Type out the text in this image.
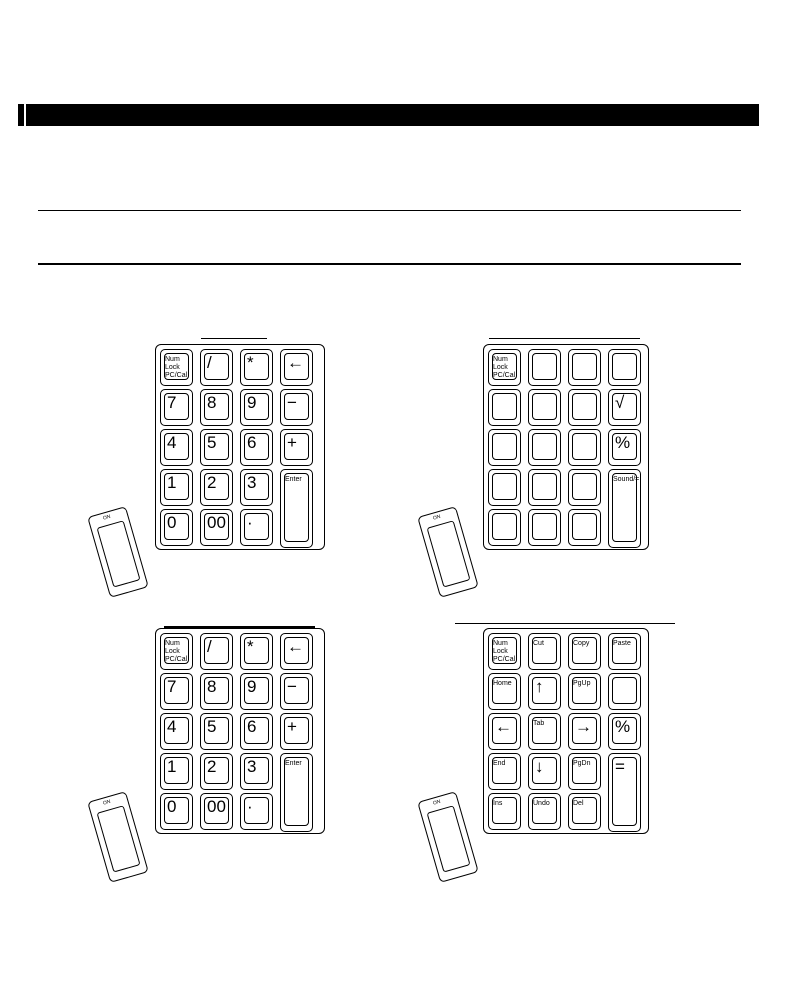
Num Lock
PC/Cal
/ * ←
7 8 9 −
4 5 6 +
1 2 3	Enter
0 00 ·
Num Lock
PC/Cal
√
%
Sound/=
Num Lock
PC/Cal
/ * ←
7 8 9 −
4 5 6 +
1 2 3	Enter
0 00 ·
Num Lock
PC/Cal
Cut	Copy	Paste
Home ↑	PgUp
←	Tab → %
End ↓	PgDn =
Ins	Undo	Del
ON	ON
ON	ON
